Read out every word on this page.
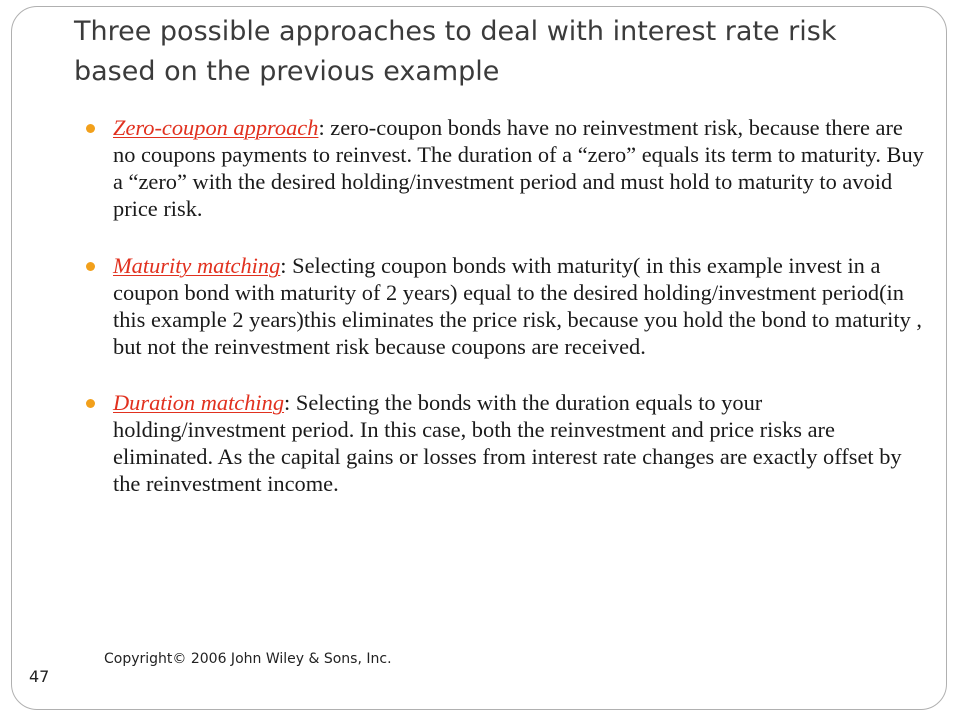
Three possible approaches to deal with interest rate risk based on the previous example
Zero-coupon approach: zero-coupon bonds have no reinvestment risk, because there are no coupons payments to reinvest. The duration of a “zero” equals its term to maturity. Buy a “zero” with the desired holding/investment period and must hold to maturity to avoid price risk.
Maturity matching: Selecting coupon bonds with maturity( in this example invest in a coupon bond with maturity of 2 years) equal to the desired holding/investment period(in this example 2 years)this eliminates the price risk, because you hold the bond to maturity , but not the reinvestment risk because coupons are received.
Duration matching: Selecting the bonds with the duration equals to your holding/investment period. In this case, both the reinvestment and price risks are eliminated. As the capital gains or losses from interest rate changes are exactly offset by the reinvestment income.
Copyright© 2006 John Wiley & Sons, Inc.
47
